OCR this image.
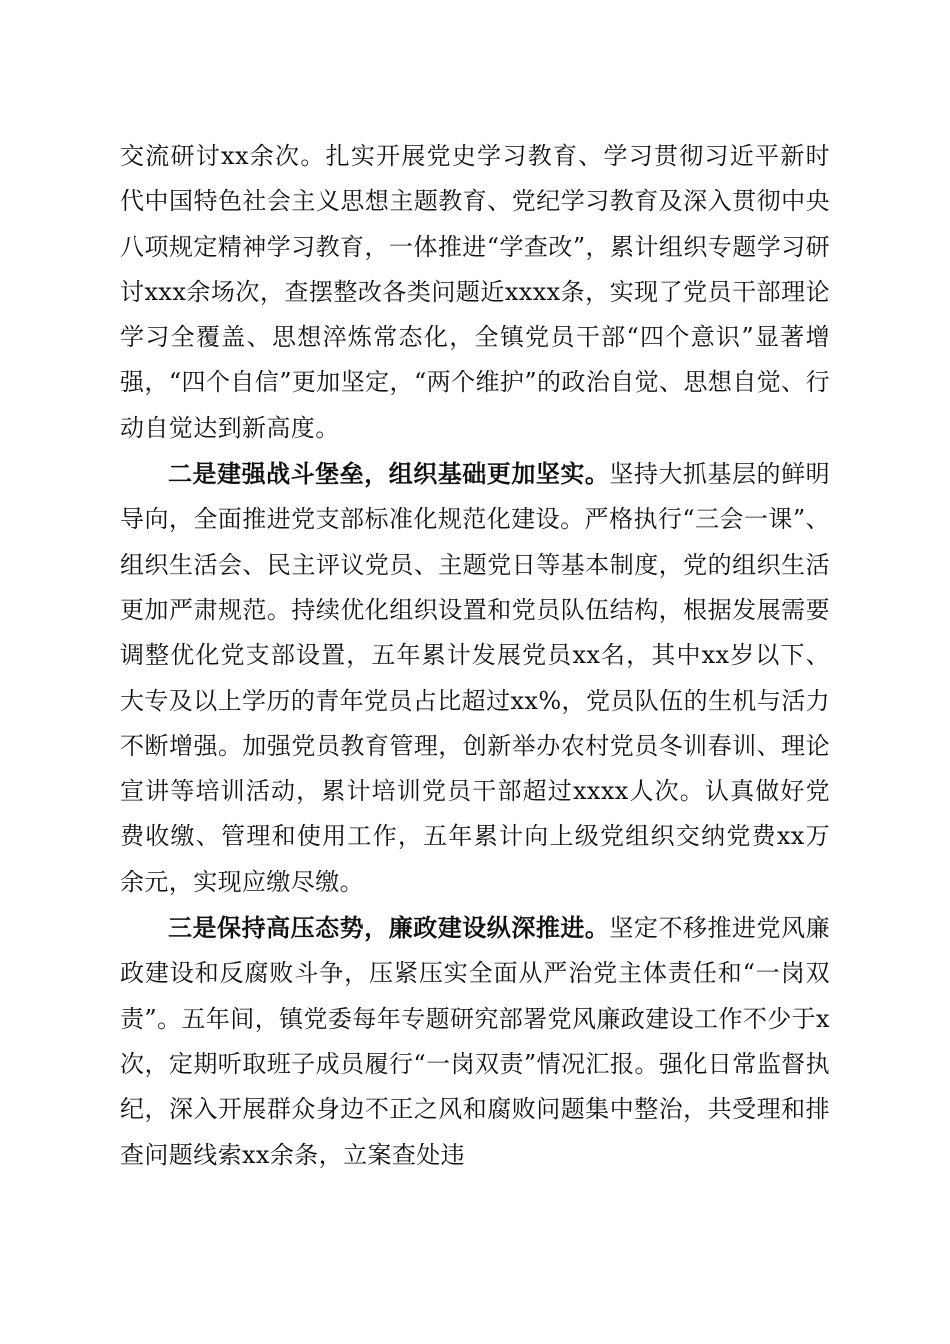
交流研讨xx余次。扎实开展党史学习教育、学习贯彻习近平新时代中国特色社会主义思想主题教育、党纪学习教育及深入贯彻中央八项规定精神学习教育，一体推进“学查改”，累计组织专题学习研讨xxx余场次，查摆整改各类问题近xxxx条，实现了党员干部理论学习全覆盖、思想淬炼常态化，全镇党员干部“四个意识”显著增强，“四个自信”更加坚定，“两个维护”的政治自觉、思想自觉、行动自觉达到新高度。

二是建强战斗堡垒，组织基础更加坚实。坚持大抓基层的鲜明导向，全面推进党支部标准化规范化建设。严格执行“三会一课”、组织生活会、民主评议党员、主题党日等基本制度，党的组织生活更加严肃规范。持续优化组织设置和党员队伍结构，根据发展需要调整优化党支部设置，五年累计发展党员xx名，其中xx岁以下、大专及以上学历的青年党员占比超过xx%，党员队伍的生机与活力不断增强。加强党员教育管理，创新举办农村党员冬训春训、理论宣讲等培训活动，累计培训党员干部超过xxxx人次。认真做好党费收缴、管理和使用工作，五年累计向上级党组织交纳党费xx万余元，实现应缴尽缴。

三是保持高压态势，廉政建设纵深推进。坚定不移推进党风廉政建设和反腐败斗争，压紧压实全面从严治党主体责任和“一岗双责”。五年间，镇党委每年专题研究部署党风廉政建设工作不少于x次，定期听取班子成员履行“一岗双责”情况汇报。强化日常监督执纪，深入开展群众身边不正之风和腐败问题集中整治，共受理和排查问题线索xx余条，立案查处违
